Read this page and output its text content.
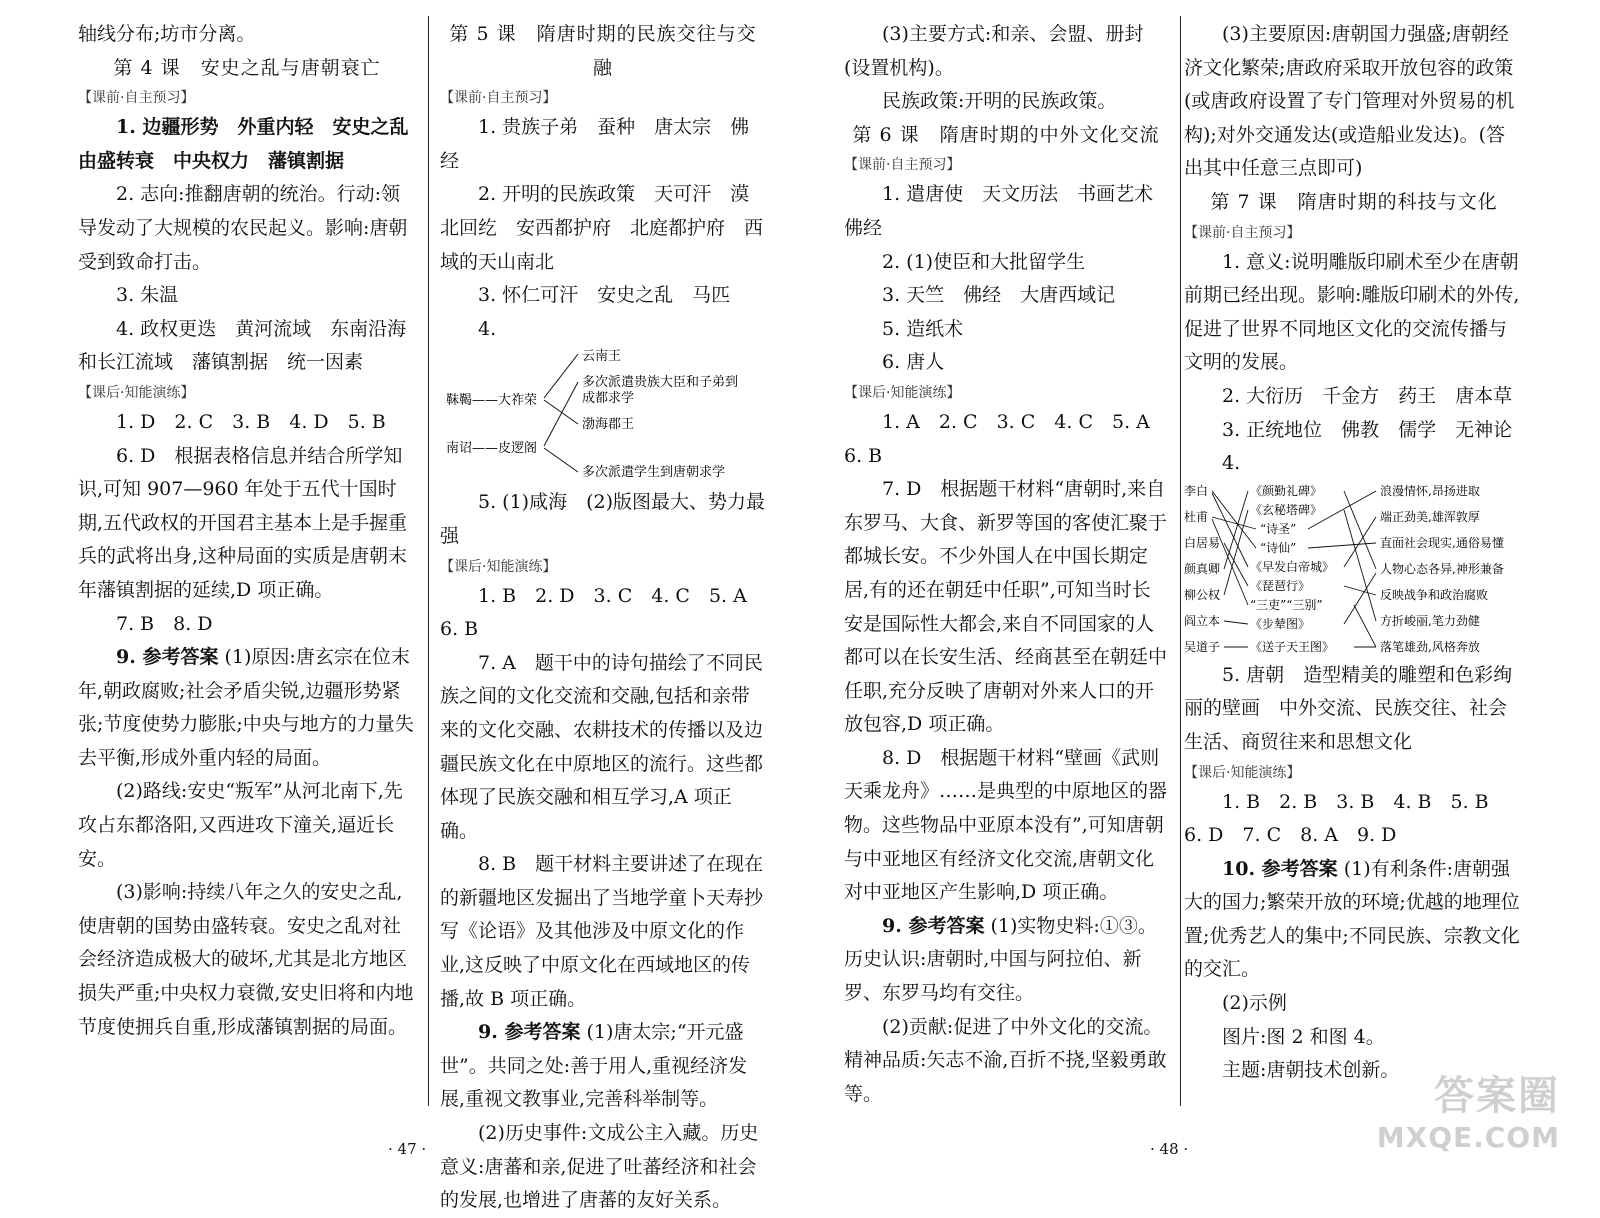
轴线分布;坊市分离。

第 4 课　安史之乱与唐朝衰亡

【课前·自主预习】

1. 边疆形势　外重内轻　安史之乱　由盛转衰　中央权力　藩镇割据

2. 志向:推翻唐朝的统治。行动:领导发动了大规模的农民起义。影响:唐朝受到致命打击。

3. 朱温

4. 政权更迭　黄河流域　东南沿海和长江流域　藩镇割据　统一因素

【课后·知能演练】

1. D　2. C　3. B　4. D　5. B

6. D　根据表格信息并结合所学知识,可知 907—960 年处于五代十国时期,五代政权的开国君主基本上是手握重兵的武将出身,这种局面的实质是唐朝末年藩镇割据的延续,D 项正确。

7. B　8. D

9. 参考答案 (1)原因:唐玄宗在位末年,朝政腐败;社会矛盾尖锐,边疆形势紧张;节度使势力膨胀;中央与地方的力量失去平衡,形成外重内轻的局面。

(2)路线:安史“叛军”从河北南下,先攻占东都洛阳,又西进攻下潼关,逼近长安。

(3)影响:持续八年之久的安史之乱,使唐朝的国势由盛转衰。安史之乱对社会经济造成极大的破坏,尤其是北方地区损失严重;中央权力衰微,安史旧将和内地节度使拥兵自重,形成藩镇割据的局面。

第 5 课　隋唐时期的民族交往与交融

【课前·自主预习】

1. 贵族子弟　蚕种　唐太宗　佛经

2. 开明的民族政策　天可汗　漠北回纥　安西都护府　北庭都护府　西域的天山南北

3. 怀仁可汗　安史之乱　马匹

4.

靺鞨——大祚荣
南诏——皮逻阁
云南王
多次派遣贵族大臣和子弟到
成都求学
渤海郡王
多次派遣学生到唐朝求学

5. (1)咸海　(2)版图最大、势力最强

【课后·知能演练】

1. B　2. D　3. C　4. C　5. A　6. B

7. A　题干中的诗句描绘了不同民族之间的文化交流和交融,包括和亲带来的文化交融、农耕技术的传播以及边疆民族文化在中原地区的流行。这些都体现了民族交融和相互学习,A 项正确。

8. B　题干材料主要讲述了在现在的新疆地区发掘出了当地学童卜天寿抄写《论语》及其他涉及中原文化的作业,这反映了中原文化在西域地区的传播,故 B 项正确。

9. 参考答案 (1)唐太宗;“开元盛世”。共同之处:善于用人,重视经济发展,重视文教事业,完善科举制等。

(2)历史事件:文成公主入藏。历史意义:唐蕃和亲,促进了吐蕃经济和社会的发展,也增进了唐蕃的友好关系。

(3)主要方式:和亲、会盟、册封(设置机构)。

民族政策:开明的民族政策。

第 6 课　隋唐时期的中外文化交流

【课前·自主预习】

1. 遣唐使　天文历法　书画艺术　佛经

2. (1)使臣和大批留学生

3. 天竺　佛经　大唐西域记

5. 造纸术

6. 唐人

【课后·知能演练】

1. A　2. C　3. C　4. C　5. A　6. B

7. D　根据题干材料“唐朝时,来自东罗马、大食、新罗等国的客使汇聚于都城长安。不少外国人在中国长期定居,有的还在朝廷中任职”,可知当时长安是国际性大都会,来自不同国家的人都可以在长安生活、经商甚至在朝廷中任职,充分反映了唐朝对外来人口的开放包容,D 项正确。

8. D　根据题干材料“壁画《武则天乘龙舟》……是典型的中原地区的器物。这些物品中亚原本没有”,可知唐朝与中亚地区有经济文化交流,唐朝文化对中亚地区产生影响,D 项正确。

9. 参考答案 (1)实物史料:①③。历史认识:唐朝时,中国与阿拉伯、新罗、东罗马均有交往。

(2)贡献:促进了中外文化的交流。精神品质:矢志不渝,百折不挠,坚毅勇敢等。

(3)主要原因:唐朝国力强盛;唐朝经济文化繁荣;唐政府采取开放包容的政策(或唐政府设置了专门管理对外贸易的机构);对外交通发达(或造船业发达)。(答出其中任意三点即可)

第 7 课　隋唐时期的科技与文化

【课前·自主预习】

1. 意义:说明雕版印刷术至少在唐朝前期已经出现。影响:雕版印刷术的外传,促进了世界不同地区文化的交流传播与文明的发展。

2. 大衍历　千金方　药王　唐本草

3. 正统地位　佛教　儒学　无神论

4.

李白
杜甫
白居易
颜真卿
柳公权
阎立本
吴道子
《颜勤礼碑》
《玄秘塔碑》
“诗圣”
“诗仙”
《早发白帝城》
《琵琶行》
“三吏”“三别”
《步辇图》
《送子天王图》
浪漫情怀,昂扬进取
端正劲美,雄浑敦厚
直面社会现实,通俗易懂
人物心态各异,神形兼备
反映战争和政治腐败
方折峻丽,笔力劲健
落笔雄劲,风格奔放

5. 唐朝　造型精美的雕塑和色彩绚丽的壁画　中外交流、民族交往、社会生活、商贸往来和思想文化

【课后·知能演练】

1. B　2. B　3. B　4. B　5. B　6. D　7. C　8. A　9. D

10. 参考答案 (1)有利条件:唐朝强大的国力;繁荣开放的环境;优越的地理位置;优秀艺人的集中;不同民族、宗教文化的交汇。

(2)示例

图片:图 2 和图 4。

主题:唐朝技术创新。

· 47 ·	· 48 ·
答案圈
MXQE.COM
